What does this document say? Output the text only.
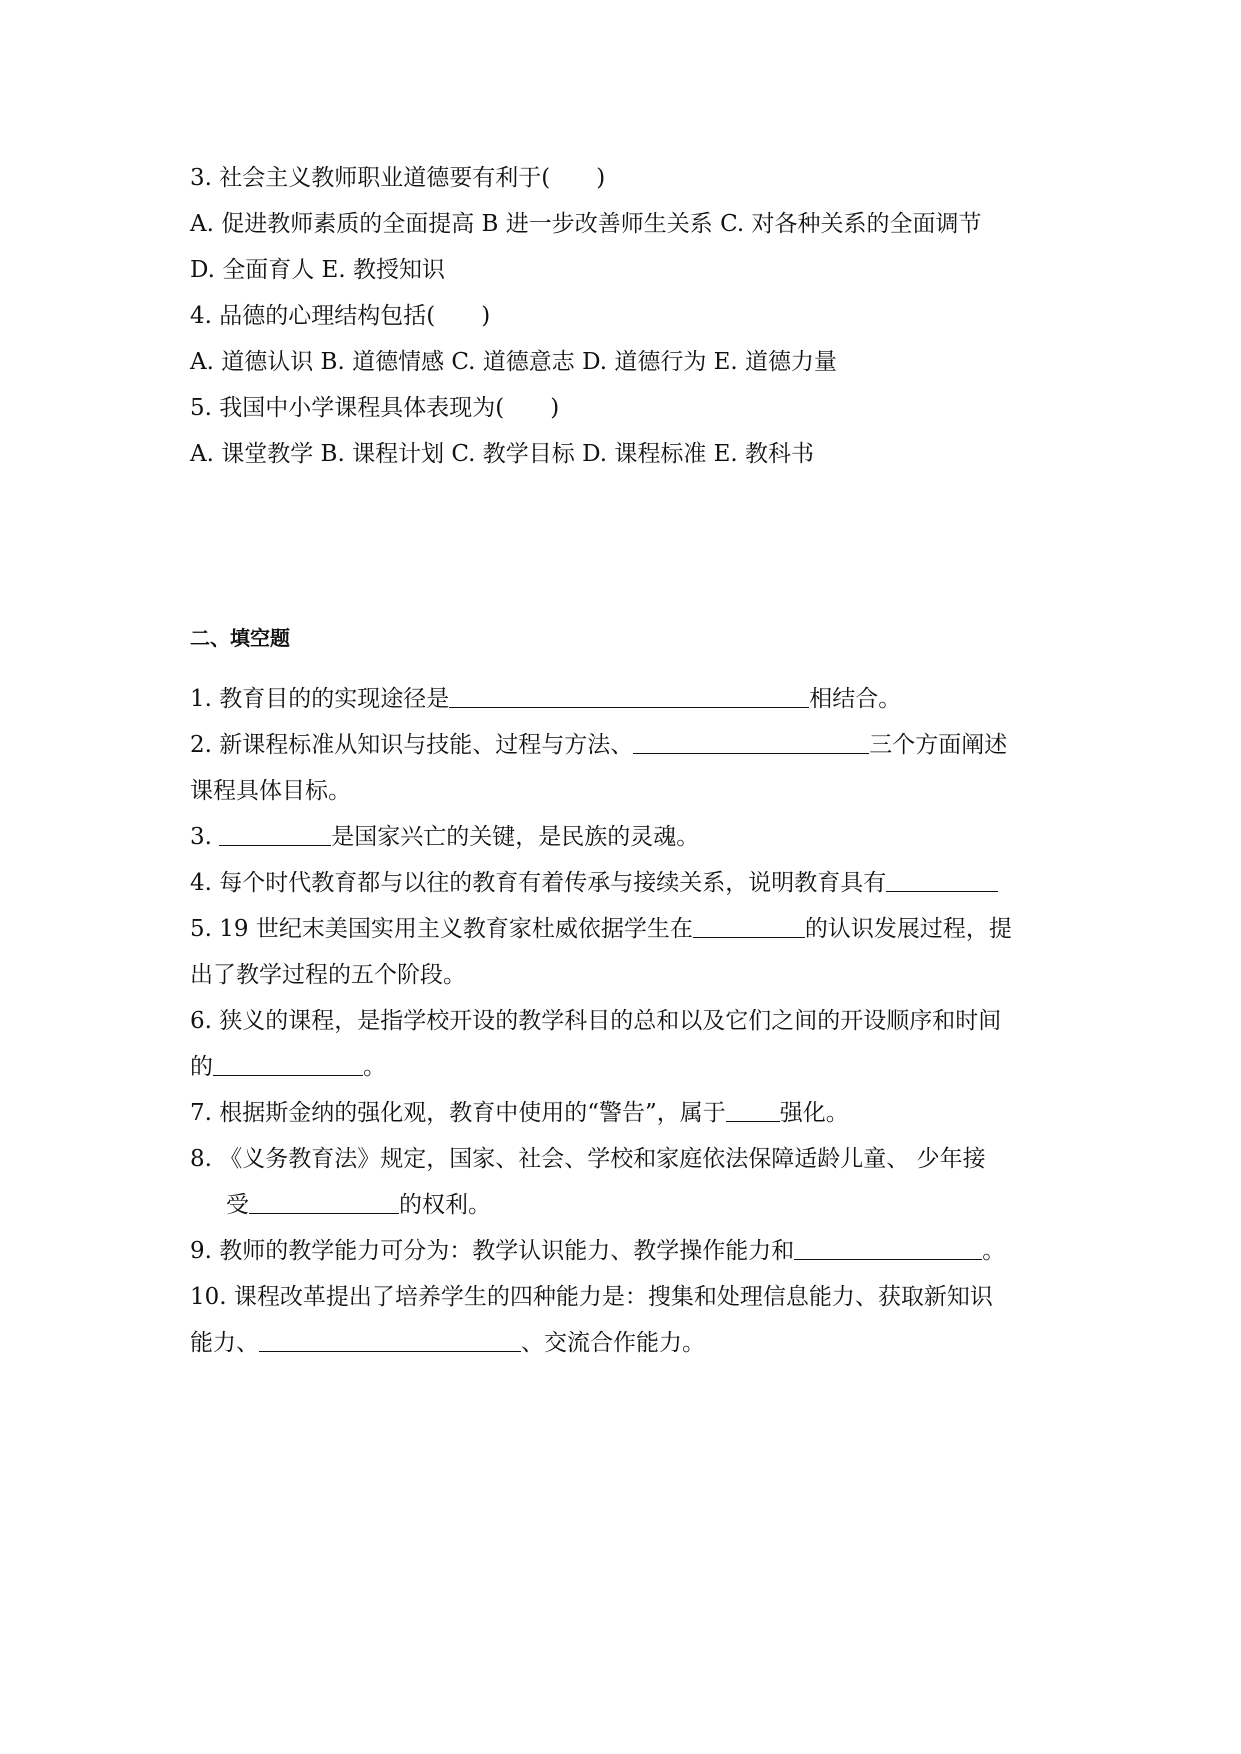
3. 社会主义教师职业道德要有利于(　　)
A. 促进教师素质的全面提高 B 进一步改善师生关系 C. 对各种关系的全面调节
D. 全面育人 E. 教授知识
4. 品德的心理结构包括(　　)
A. 道德认识 B. 道德情感 C. 道德意志 D. 道德行为 E. 道德力量
5. 我国中小学课程具体表现为(　　)
A. 课堂教学 B. 课程计划 C. 教学目标 D. 课程标准 E. 教科书
二、填空题
1. 教育目的的实现途径是	相结合。
2. 新课程标准从知识与技能、过程与方法、	三个方面阐述
课程具体目标。
3.	是国家兴亡的关键，是民族的灵魂。
4. 每个时代教育都与以往的教育有着传承与接续关系，说明教育具有
5. 19 世纪末美国实用主义教育家杜威依据学生在	的认识发展过程，提
出了教学过程的五个阶段。
6. 狭义的课程，是指学校开设的教学科目的总和以及它们之间的开设顺序和时间
的	。
7. 根据斯金纳的强化观，教育中使用的“警告”，属于 强化。
8. 《义务教育法》规定，国家、社会、学校和家庭依法保障适龄儿童、 少年接
受	的权利。
9. 教师的教学能力可分为：教学认识能力、教学操作能力和	。
10. 课程改革提出了培养学生的四种能力是：搜集和处理信息能力、获取新知识
能力、	、交流合作能力。
